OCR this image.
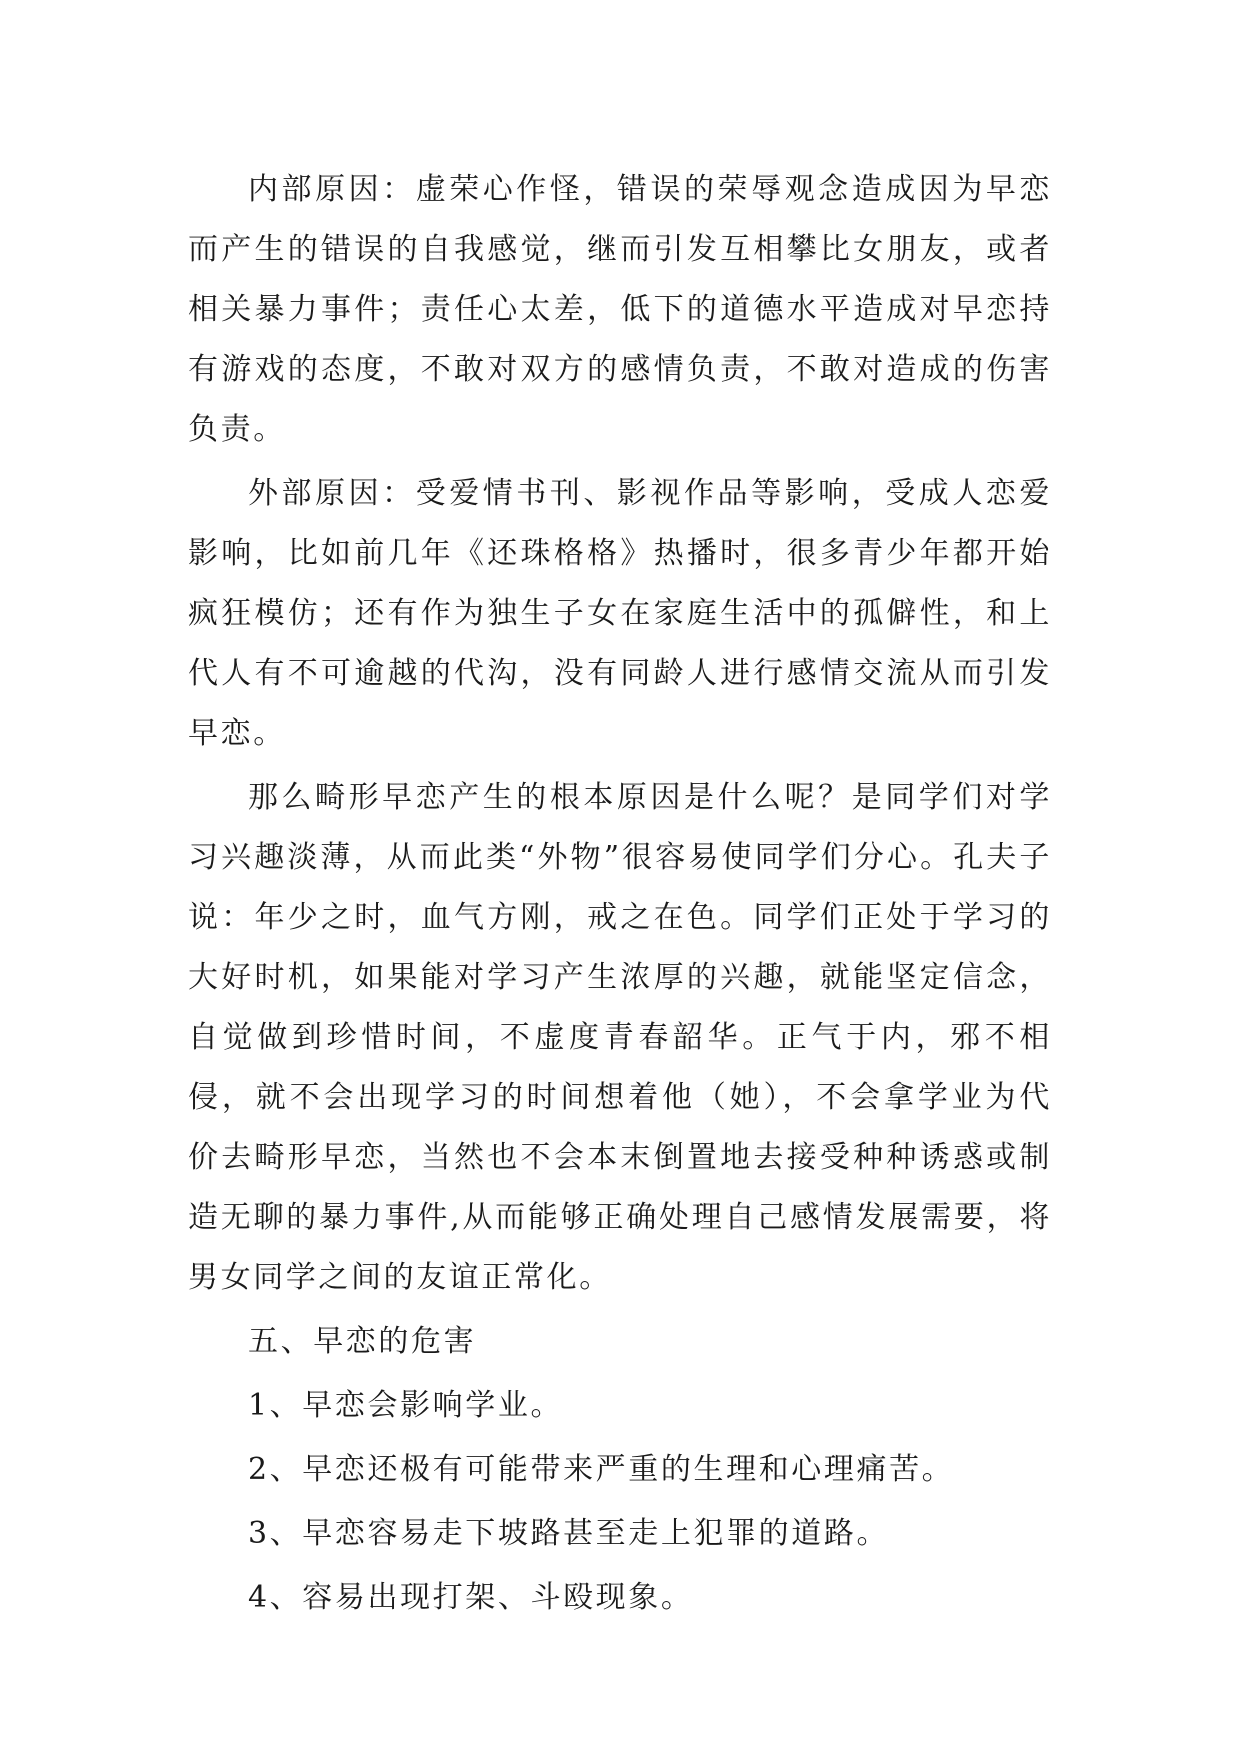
内部原因：虚荣心作怪，错误的荣辱观念造成因为早恋而产生的错误的自我感觉，继而引发互相攀比女朋友，或者相关暴力事件；责任心太差，低下的道德水平造成对早恋持有游戏的态度，不敢对双方的感情负责，不敢对造成的伤害负责。

外部原因：受爱情书刊、影视作品等影响，受成人恋爱影响，比如前几年《还珠格格》热播时，很多青少年都开始疯狂模仿；还有作为独生子女在家庭生活中的孤僻性，和上代人有不可逾越的代沟，没有同龄人进行感情交流从而引发早恋。

那么畸形早恋产生的根本原因是什么呢？是同学们对学习兴趣淡薄，从而此类“外物”很容易使同学们分心。孔夫子说：年少之时，血气方刚，戒之在色。同学们正处于学习的大好时机，如果能对学习产生浓厚的兴趣，就能坚定信念，自觉做到珍惜时间，不虚度青春韶华。正气于内，邪不相侵，就不会出现学习的时间想着他（她），不会拿学业为代价去畸形早恋，当然也不会本末倒置地去接受种种诱惑或制造无聊的暴力事件,从而能够正确处理自己感情发展需要，将男女同学之间的友谊正常化。

五、早恋的危害

1、早恋会影响学业。

2、早恋还极有可能带来严重的生理和心理痛苦。

3、早恋容易走下坡路甚至走上犯罪的道路。

4、容易出现打架、斗殴现象。
